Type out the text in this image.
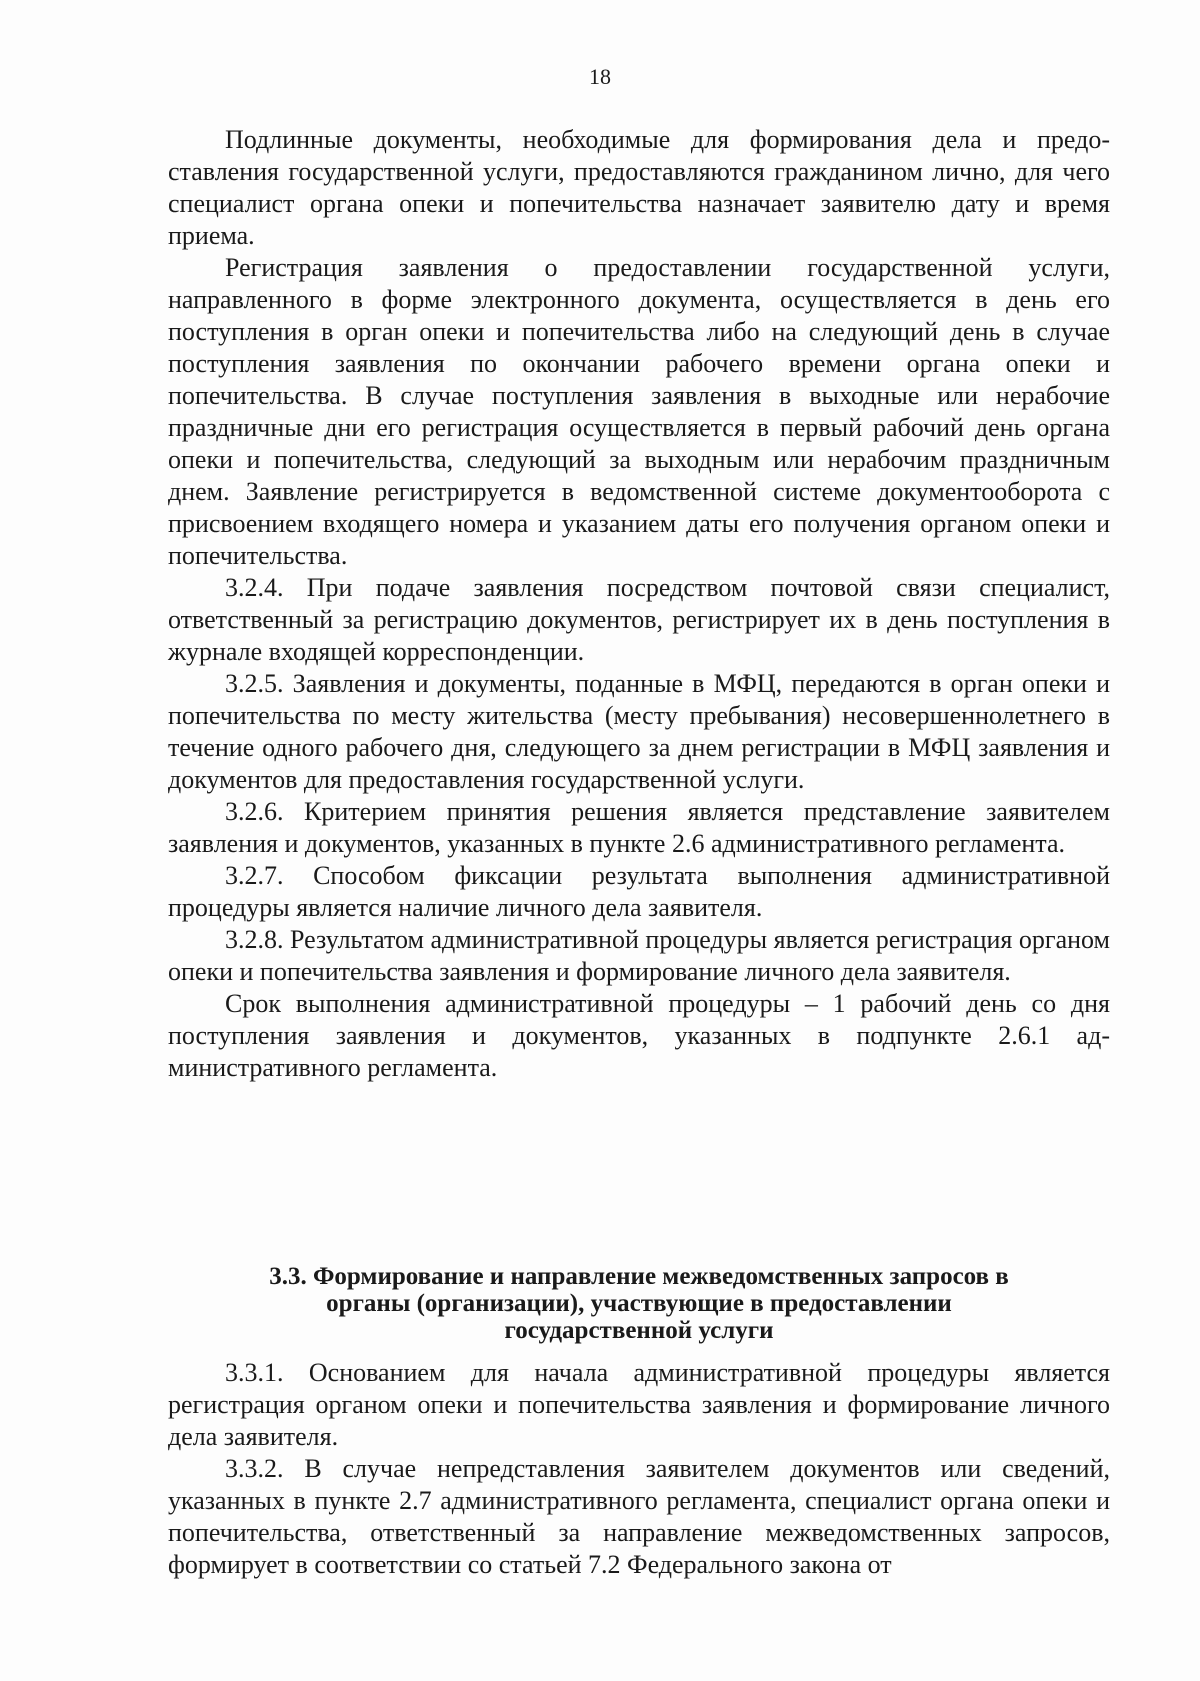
18

Подлинные документы, необходимые для формирования дела и предоставления государственной услуги, предоставляются гражданином лично, для чего специалист органа опеки и попечительства назначает заявителю дату и время приема.

Регистрация заявления о предоставлении государственной услуги, направленного в форме электронного документа, осуществляется в день его поступления в орган опеки и попечительства либо на следующий день в случае поступления заявления по окончании рабочего времени органа опеки и попечительства. В случае поступления заявления в выходные или нерабочие праздничные дни его регистрация осуществляется в первый рабочий день органа опеки и попечительства, следующий за выходным или нерабочим праздничным днем. Заявление регистрируется в ведомственной системе документооборота с присвоением входящего номера и указанием даты его получения органом опеки и попечительства.

3.2.4. При подаче заявления посредством почтовой связи специалист, ответственный за регистрацию документов, регистрирует их в день поступления в журнале входящей корреспонденции.

3.2.5. Заявления и документы, поданные в МФЦ, передаются в орган опеки и попечительства по месту жительства (месту пребывания) несовершеннолетнего в течение одного рабочего дня, следующего за днем регистрации в МФЦ заявления и документов для предоставления государственной услуги.

3.2.6. Критерием принятия решения является представление заявителем заявления и документов, указанных в пункте 2.6 административного регламента.

3.2.7. Способом фиксации результата выполнения административной процедуры является наличие личного дела заявителя.

3.2.8. Результатом административной процедуры является регистрация органом опеки и попечительства заявления и формирование личного дела заявителя.

Срок выполнения административной процедуры – 1 рабочий день со дня поступления заявления и документов, указанных в подпункте 2.6.1 административного регламента.

3.3. Формирование и направление межведомственных запросов в
органы (организации), участвующие в предоставлении
государственной услуги

3.3.1. Основанием для начала административной процедуры является регистрация органом опеки и попечительства заявления и формирование личного дела заявителя.

3.3.2. В случае непредставления заявителем документов или сведений, указанных в пункте 2.7 административного регламента, специалист органа опеки и попечительства, ответственный за направление межведомственных запросов, формирует в соответствии со статьей 7.2 Федерального закона от
